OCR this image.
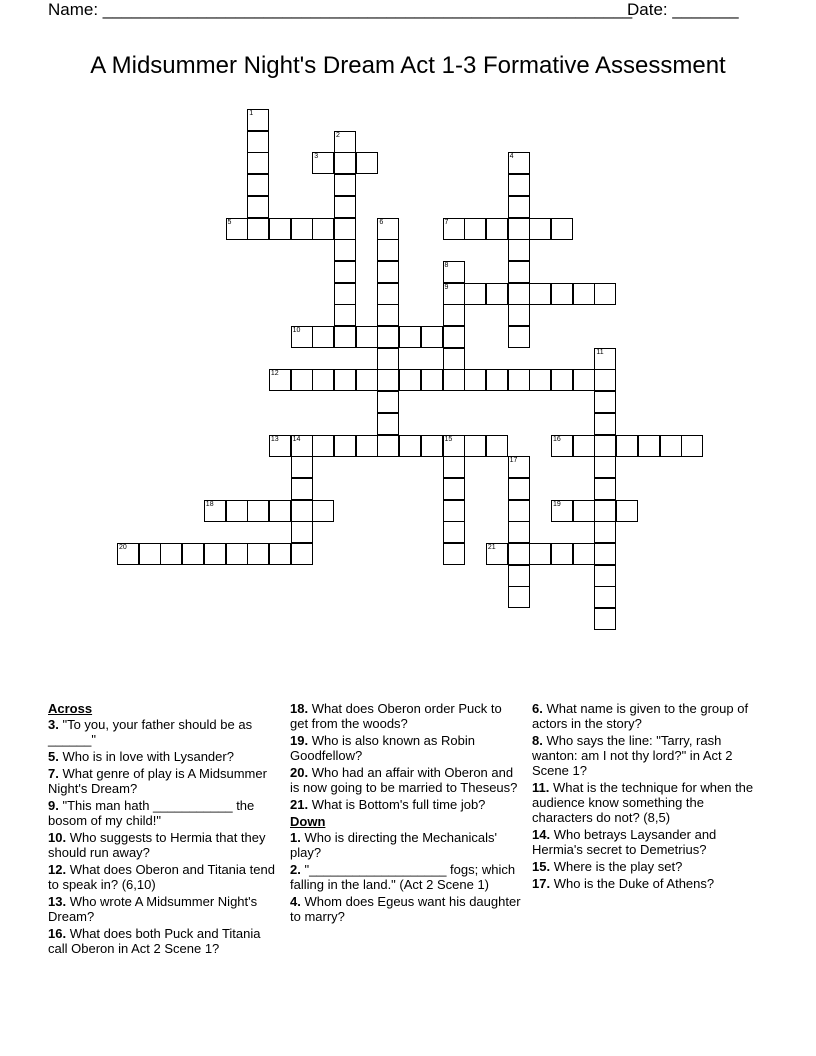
Name: ________________________________________________________

Date: _______

A Midsummer Night's Dream Act 1-3 Formative Assessment
1
2
3	4
5	6	7
8
9
10
11
12
13 14	15	16
17
18	19
20	21
Across
3. "To you, your father should be as ______"
5. Who is in love with Lysander?
7. What genre of play is A Midsummer Night's Dream?
9. "This man hath ___________ the bosom of my child!"
10. Who suggests to Hermia that they should run away?
12. What does Oberon and Titania tend to speak in? (6,10)
13. Who wrote A Midsummer Night's Dream?
16. What does both Puck and Titania call Oberon in Act 2 Scene 1?
18. What does Oberon order Puck to get from the woods?
19. Who is also known as Robin Goodfellow?
20. Who had an affair with Oberon and is now going to be married to Theseus?
21. What is Bottom's full time job?
Down
1. Who is directing the Mechanicals' play?
2. "___________________ fogs; which falling in the land." (Act 2 Scene 1)
4. Whom does Egeus want his daughter to marry?
6. What name is given to the group of actors in the story?
8. Who says the line: "Tarry, rash wanton: am I not thy lord?" in Act 2 Scene 1?
11. What is the technique for when the audience know something the characters do not? (8,5)
14. Who betrays Laysander and Hermia's secret to Demetrius?
15. Where is the play set?
17. Who is the Duke of Athens?
